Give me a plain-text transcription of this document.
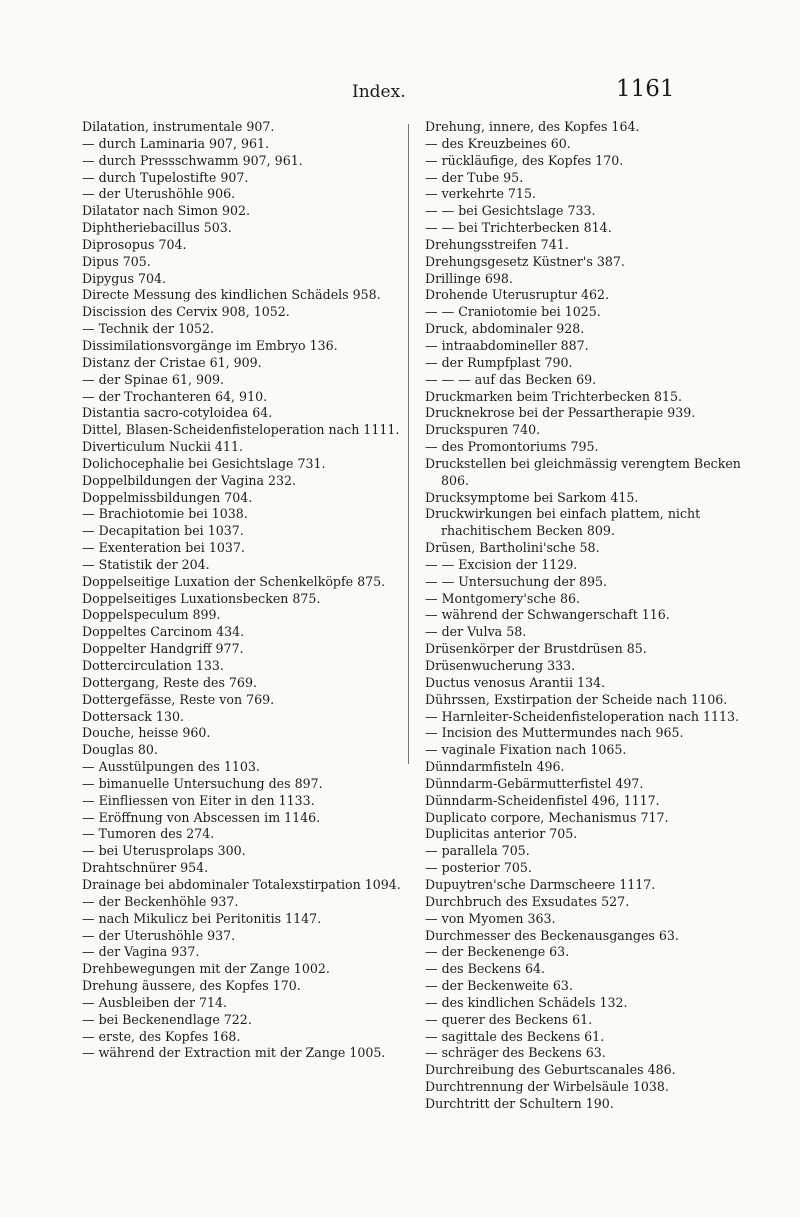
Index.	1161
Dilatation, instrumentale 907.
— durch Laminaria 907, 961.
— durch Pressschwamm 907, 961.
— durch Tupelostifte 907.
— der Uterushöhle 906.
Dilatator nach Simon 902.
Diphtheriebacillus 503.
Diprosopus 704.
Dipus 705.
Dipygus 704.
Directe Messung des kindlichen Schädels 958.
Discission des Cervix 908, 1052.
— Technik der 1052.
Dissimilationsvorgänge im Embryo 136.
Distanz der Cristae 61, 909.
— der Spinae 61, 909.
— der Trochanteren 64, 910.
Distantia sacro-cotyloidea 64.
Dittel, Blasen-Scheidenfisteloperation nach 1111.
Diverticulum Nuckii 411.
Dolichocephalie bei Gesichtslage 731.
Doppelbildungen der Vagina 232.
Doppelmissbildungen 704.
— Brachiotomie bei 1038.
— Decapitation bei 1037.
— Exenteration bei 1037.
— Statistik der 204.
Doppelseitige Luxation der Schenkelköpfe 875.
Doppelseitiges Luxationsbecken 875.
Doppelspeculum 899.
Doppeltes Carcinom 434.
Doppelter Handgriff 977.
Dottercirculation 133.
Dottergang, Reste des 769.
Dottergefässe, Reste von 769.
Dottersack 130.
Douche, heisse 960.
Douglas 80.
— Ausstülpungen des 1103.
— bimanuelle Untersuchung des 897.
— Einfliessen von Eiter in den 1133.
— Eröffnung von Abscessen im 1146.
— Tumoren des 274.
— bei Uterusprolaps 300.
Drahtschnürer 954.
Drainage bei abdominaler Totalexstirpation 1094.
— der Beckenhöhle 937.
— nach Mikulicz bei Peritonitis 1147.
— der Uterushöhle 937.
— der Vagina 937.
Drehbewegungen mit der Zange 1002.
Drehung äussere, des Kopfes 170.
— Ausbleiben der 714.
— bei Beckenendlage 722.
— erste, des Kopfes 168.
— während der Extraction mit der Zange 1005.
Drehung, innere, des Kopfes 164.
— des Kreuzbeines 60.
— rückläufige, des Kopfes 170.
— der Tube 95.
— verkehrte 715.
— — bei Gesichtslage 733.
— — bei Trichterbecken 814.
Drehungsstreifen 741.
Drehungsgesetz Küstner's 387.
Drillinge 698.
Drohende Uterusruptur 462.
— — Craniotomie bei 1025.
Druck, abdominaler 928.
— intraabdomineller 887.
— der Rumpfplast 790.
— — — auf das Becken 69.
Druckmarken beim Trichterbecken 815.
Drucknekrose bei der Pessartherapie 939.
Druckspuren 740.
— des Promontoriums 795.
Druckstellen bei gleichmässig verengtem Becken 806.
Drucksymptome bei Sarkom 415.
Druckwirkungen bei einfach plattem, nicht rhachitischem Becken 809.
Drüsen, Bartholini'sche 58.
— — Excision der 1129.
— — Untersuchung der 895.
— Montgomery'sche 86.
— während der Schwangerschaft 116.
— der Vulva 58.
Drüsenkörper der Brustdrüsen 85.
Drüsenwucherung 333.
Ductus venosus Arantii 134.
Dührssen, Exstirpation der Scheide nach 1106.
— Harnleiter-Scheidenfisteloperation nach 1113.
— Incision des Muttermundes nach 965.
— vaginale Fixation nach 1065.
Dünndarmfisteln 496.
Dünndarm-Gebärmutterfistel 497.
Dünndarm-Scheidenfistel 496, 1117.
Duplicato corpore, Mechanismus 717.
Duplicitas anterior 705.
— parallela 705.
— posterior 705.
Dupuytren'sche Darmscheere 1117.
Durchbruch des Exsudates 527.
— von Myomen 363.
Durchmesser des Beckenausganges 63.
— der Beckenenge 63.
— des Beckens 64.
— der Beckenweite 63.
— des kindlichen Schädels 132.
— querer des Beckens 61.
— sagittale des Beckens 61.
— schräger des Beckens 63.
Durchreibung des Geburtscanales 486.
Durchtrennung der Wirbelsäule 1038.
Durchtritt der Schultern 190.
